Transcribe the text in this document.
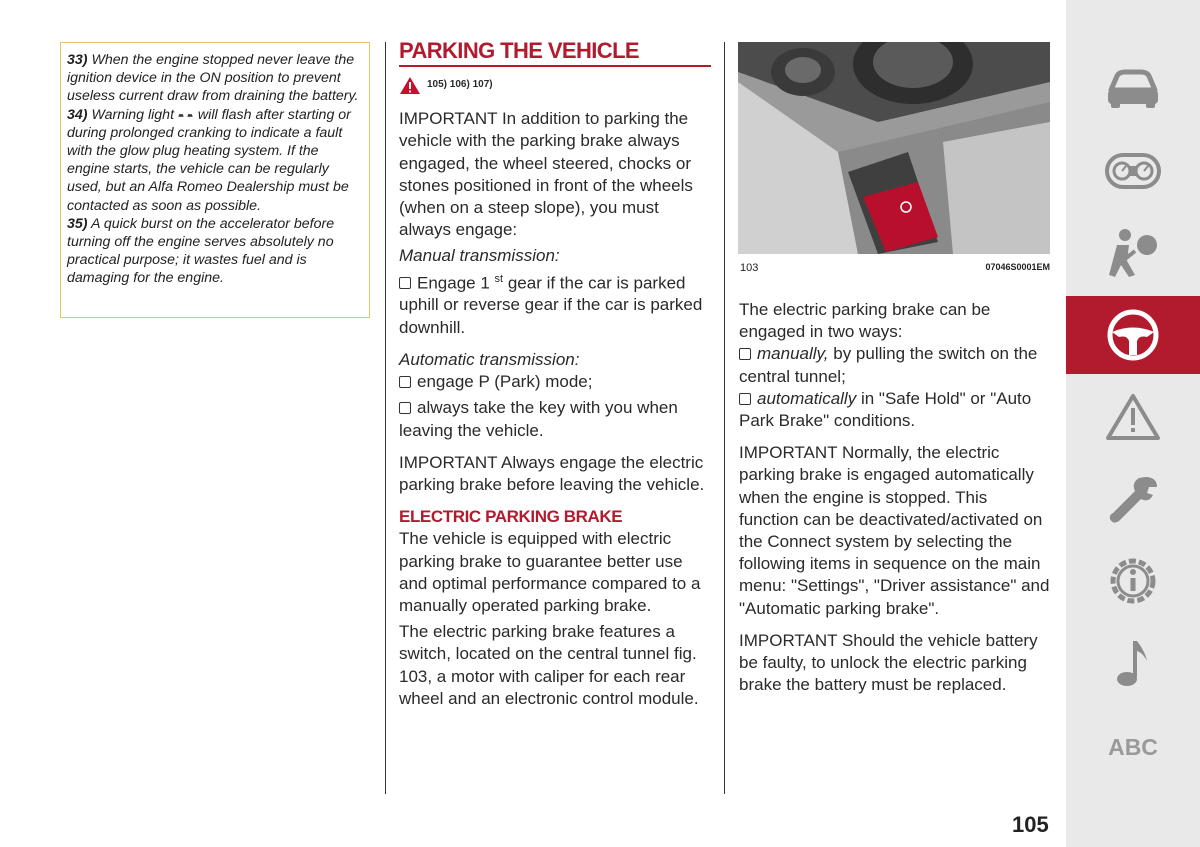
33) When the engine stopped never leave the ignition device in the ON position to prevent useless current draw from draining the battery.

34) Warning light will flash after starting or during prolonged cranking to indicate a fault with the glow plug heating system. If the engine starts, the vehicle can be regularly used, but an Alfa Romeo Dealership must be contacted as soon as possible.

35) A quick burst on the accelerator before turning off the engine serves absolutely no practical purpose; it wastes fuel and is damaging for the engine.

PARKING THE VEHICLE
105) 106) 107)

IMPORTANT In addition to parking the vehicle with the parking brake always engaged, the wheel steered, chocks or stones positioned in front of the wheels (when on a steep slope), you must always engage:

Manual transmission:

Engage 1 $^{st}$ gear if the car is parked uphill or reverse gear if the car is parked downhill.

Automatic transmission:

engage P (Park) mode;

always take the key with you when leaving the vehicle.

IMPORTANT Always engage the electric parking brake before leaving the vehicle.

ELECTRIC PARKING BRAKE

The vehicle is equipped with electric parking brake to guarantee better use and optimal performance compared to a manually operated parking brake.

The electric parking brake features a switch, located on the central tunnel fig. 103, a motor with caliper for each rear wheel and an electronic control module.

103	07046S0001EM

The electric parking brake can be engaged in two ways:

manually, by pulling the switch on the central tunnel;

automatically in "Safe Hold" or "Auto Park Brake" conditions.

IMPORTANT Normally, the electric parking brake is engaged automatically when the engine is stopped. This function can be deactivated/activated on the Connect system by selecting the following items in sequence on the main menu: "Settings", "Driver assistance" and "Automatic parking brake".

IMPORTANT Should the vehicle battery be faulty, to unlock the electric parking brake the battery must be replaced.

ABC
105
